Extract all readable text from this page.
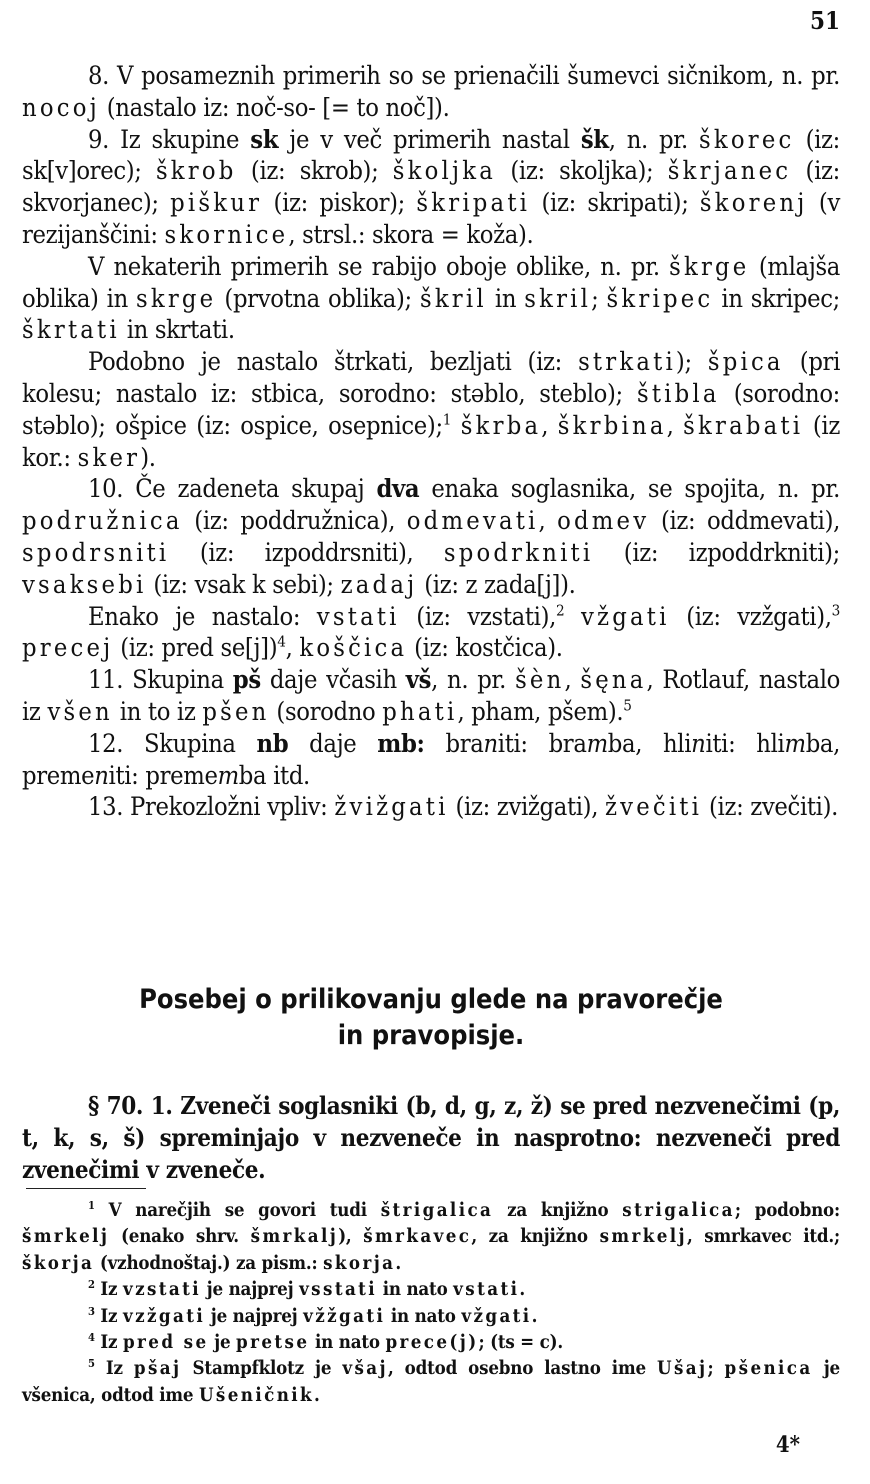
51

8. V posameznih primerih so se prienačili šumevci sičnikom, n. pr. nocoj (nastalo iz: noč-so- [= to noč]).

9. Iz skupine sk je v več primerih nastal šk, n. pr. škorec (iz: sk[v]orec); škrob (iz: skrob); školjka (iz: skoljka); škrjanec (iz: skvorjanec); piškur (iz: piskor); škripati (iz: skripati); škorenj (v rezijanščini: skornice, strsl.: skora = koža).

V nekaterih primerih se rabijo oboje oblike, n. pr. škrge (mlajša oblika) in skrge (prvotna oblika); škril in skril; škripec in skripec; škrtati in skrtati.

Podobno je nastalo štrkati, bezljati (iz: strkati); špica (pri kolesu; nastalo iz: stbica, sorodno: stəblo, steblo); štibla (sorodno: stəblo); ošpice (iz: ospice, osepnice);$^1$ škrba, škrbina, škrabati (iz kor.: sker).

10. Če zadeneta skupaj dva enaka soglasnika, se spojita, n. pr. podružnica (iz: poddružnica), odmevati, odmev (iz: oddmevati), spodrsniti (iz: izpoddrsniti), spodrkniti (iz: izpoddrkniti); vsaksebi (iz: vsak k sebi); zadaj (iz: z zada[j]).

Enako je nastalo: vstati (iz: vzstati),$^2$ vžgati (iz: vzžgati),$^3$ precej (iz: pred se[j])$^4$, koščica (iz: kostčica).

11. Skupina pš daje včasih vš, n. pr. šèn, šęna, Rotlauf, nastalo iz všen in to iz pšen (sorodno phati, pham, pšem).$^5$

12. Skupina nb daje mb: braniti: bramba, hliniti: hlimba, premeniti: prememba itd.

13. Prekozložni vpliv: žvižgati (iz: zvižgati), žvečiti (iz: zvečiti).

Posebej o prilikovanju glede na pravorečje
in pravopisje.

§ 70. 1. Zveneči soglasniki (b, d, g, z, ž) se pred nezvenečimi (p, t, k, s, š) spreminjajo v nezveneče in nasprotno: nezveneči pred zvenečimi v zveneče.

$^1$ V narečjih se govori tudi štrigalica za knjižno strigalica; podobno: šmrkelj (enako shrv. šmrkalj), šmrkavec, za knjižno smrkelj, smrkavec itd.; škorja (vzhodnoštaj.) za pism.: skorja.

$^2$ Iz vzstati je najprej vsstati in nato vstati.

$^3$ Iz vzžgati je najprej vžžgati in nato vžgati.

$^4$ Iz pred se je pretse in nato prece(j); (ts = c).

$^5$ Iz pšaj Stampfklotz je všaj, odtod osebno lastno ime Ušaj; pšenica je všenica, odtod ime Ušeničnik.

4*
